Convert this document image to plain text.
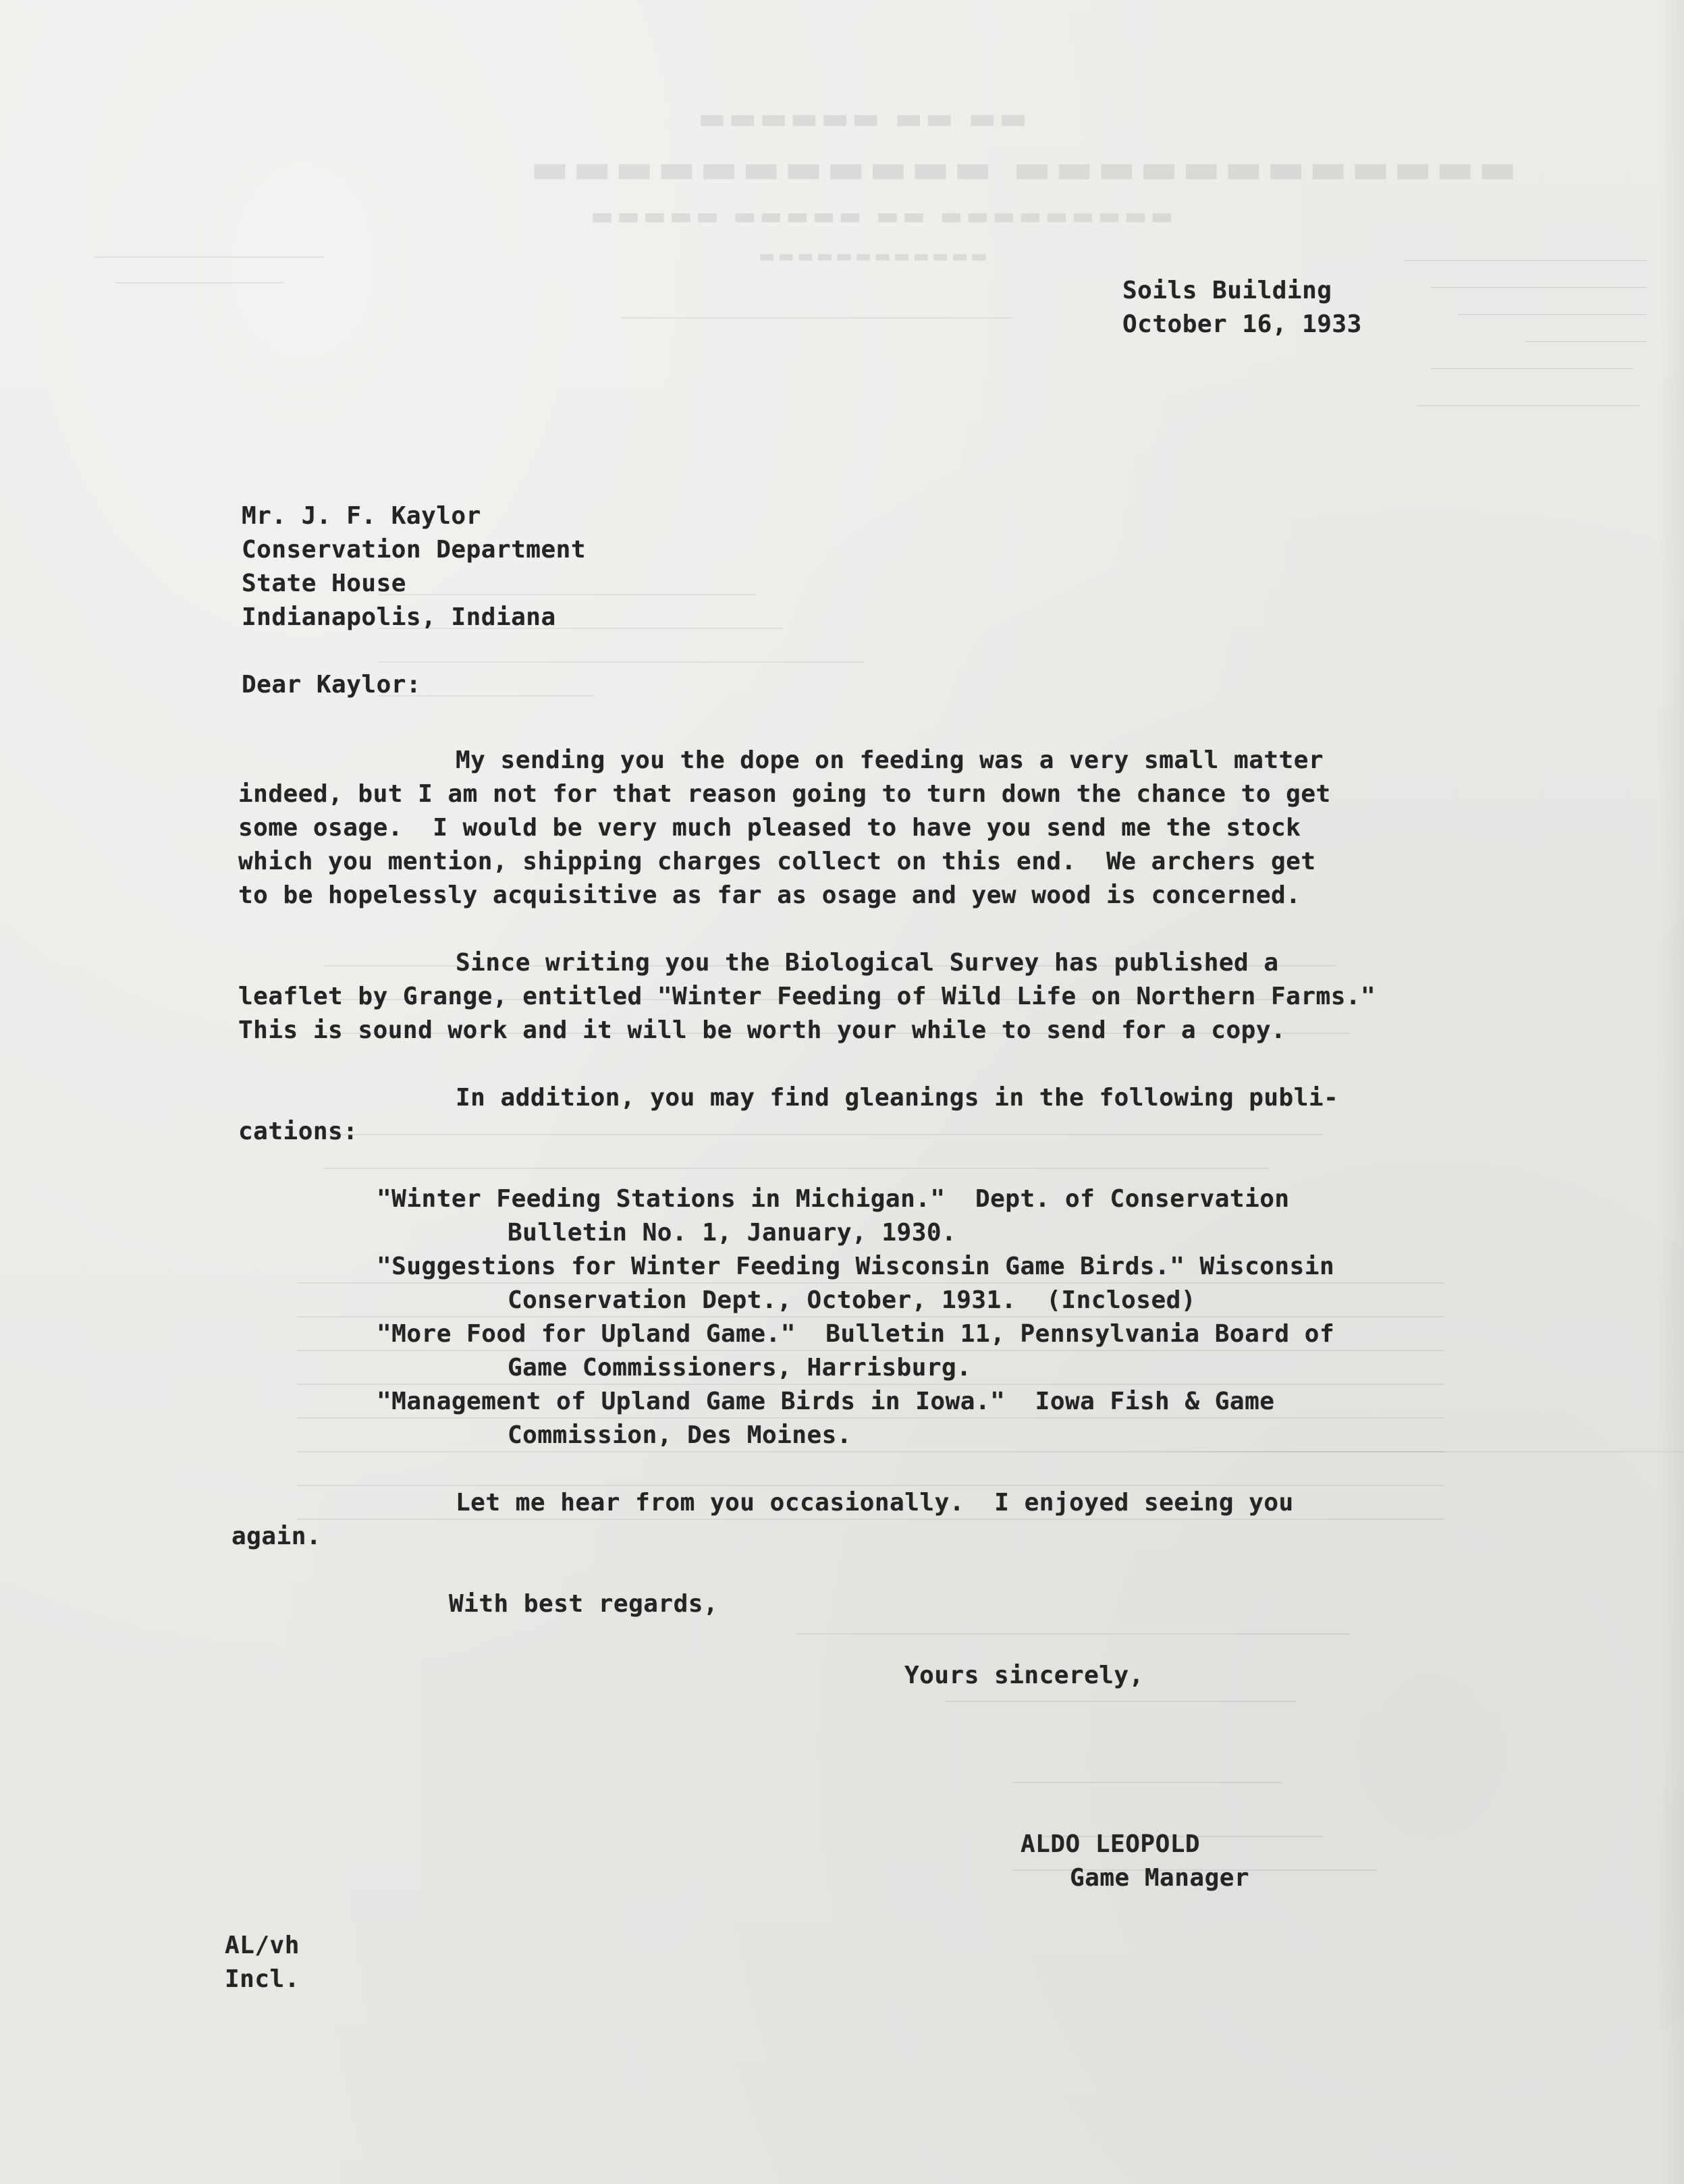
▬▬ ▬▬ ▬▬▬▬▬▬
▬▬▬▬▬▬▬▬▬▬▬▬ ▬▬▬▬▬▬▬▬▬▬▬
▬▬▬▬▬▬▬▬▬ ▬▬ ▬▬▬▬▬ ▬▬▬▬▬
▬▬▬▬▬▬▬▬▬▬▬▬
Soils Building
October 16, 1933
Mr. J. F. Kaylor
Conservation Department
State House
Indianapolis, Indiana
Dear Kaylor:
My sending you the dope on feeding was a very small matter
indeed, but I am not for that reason going to turn down the chance to get
some osage.  I would be very much pleased to have you send me the stock
which you mention, shipping charges collect on this end.  We archers get
to be hopelessly acquisitive as far as osage and yew wood is concerned.
Since writing you the Biological Survey has published a
leaflet by Grange, entitled "Winter Feeding of Wild Life on Northern Farms."
This is sound work and it will be worth your while to send for a copy.
In addition, you may find gleanings in the following publi-
cations:
"Winter Feeding Stations in Michigan."  Dept. of Conservation
Bulletin No. 1, January, 1930.
"Suggestions for Winter Feeding Wisconsin Game Birds." Wisconsin
Conservation Dept., October, 1931.  (Inclosed)
"More Food for Upland Game."  Bulletin 11, Pennsylvania Board of
Game Commissioners, Harrisburg.
"Management of Upland Game Birds in Iowa."  Iowa Fish & Game
Commission, Des Moines.
Let me hear from you occasionally.  I enjoyed seeing you
again.
With best regards,
Yours sincerely,
ALDO LEOPOLD
Game Manager
AL/vh
Incl.
